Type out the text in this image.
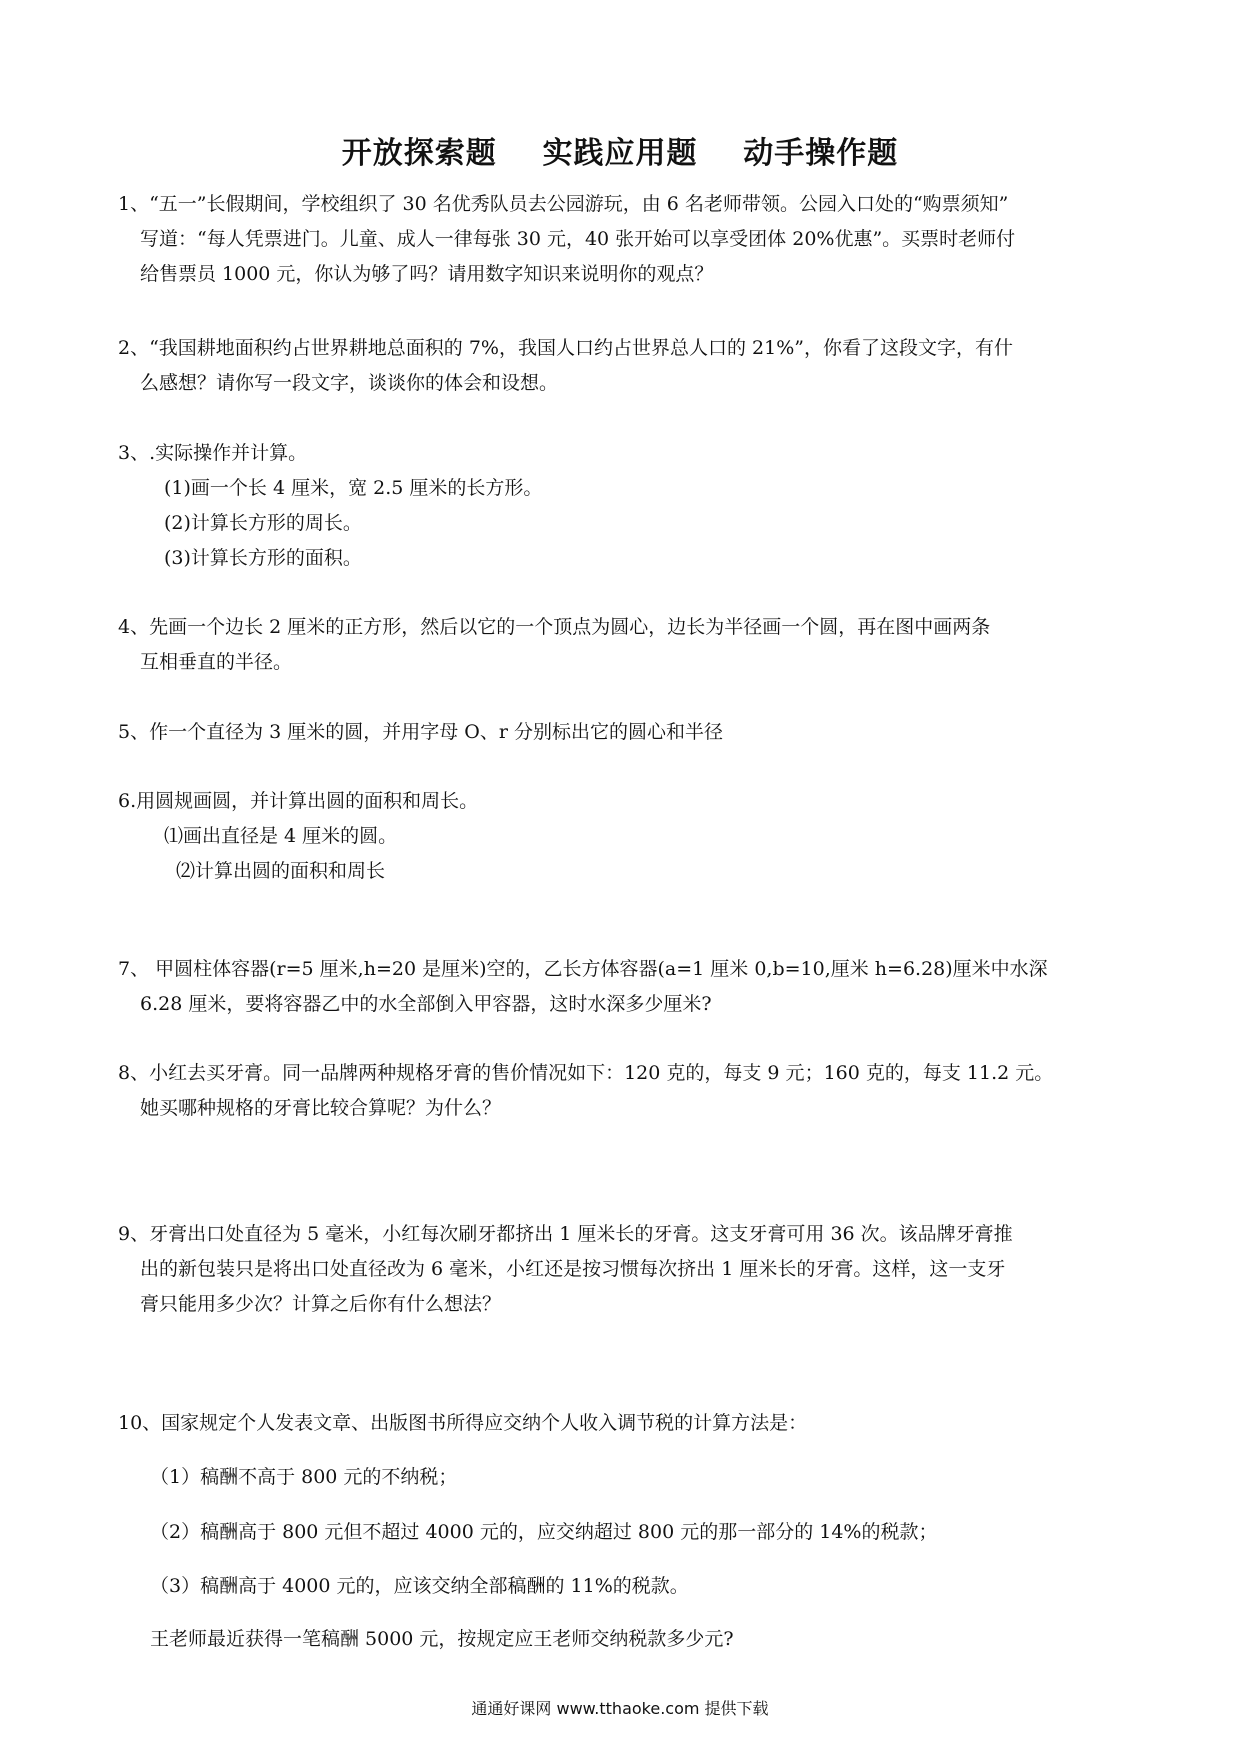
开放探索题    实践应用题    动手操作题
1、“五一”长假期间，学校组织了 30 名优秀队员去公园游玩，由 6 名老师带领。公园入口处的“购票须知”
写道：“每人凭票进门。儿童、成人一律每张 30 元，40 张开始可以享受团体 20%优惠”。买票时老师付
给售票员 1000 元，你认为够了吗？请用数字知识来说明你的观点？
2、“我国耕地面积约占世界耕地总面积的 7%，我国人口约占世界总人口的 21%”，你看了这段文字，有什
么感想？请你写一段文字，谈谈你的体会和设想。
3、.实际操作并计算。
(1)画一个长 4 厘米，宽 2.5 厘米的长方形。
(2)计算长方形的周长。
(3)计算长方形的面积。
4、先画一个边长 2 厘米的正方形，然后以它的一个顶点为圆心，边长为半径画一个圆，再在图中画两条
互相垂直的半径。
5、作一个直径为 3 厘米的圆，并用字母 O、r 分别标出它的圆心和半径
6.用圆规画圆，并计算出圆的面积和周长。
⑴画出直径是 4 厘米的圆。
⑵计算出圆的面积和周长
7、 甲圆柱体容器(r=5 厘米,h=20 是厘米)空的，乙长方体容器(a=1 厘米 0,b=10,厘米 h=6.28)厘米中水深
6.28 厘米，要将容器乙中的水全部倒入甲容器，这时水深多少厘米?
8、小红去买牙膏。同一品牌两种规格牙膏的售价情况如下：120 克的，每支 9 元；160 克的，每支 11.2 元。
她买哪种规格的牙膏比较合算呢？为什么？
9、牙膏出口处直径为 5 毫米，小红每次刷牙都挤出 1 厘米长的牙膏。这支牙膏可用 36 次。该品牌牙膏推
出的新包装只是将出口处直径改为 6 毫米，小红还是按习惯每次挤出 1 厘米长的牙膏。这样，这一支牙
膏只能用多少次？计算之后你有什么想法？
10、国家规定个人发表文章、出版图书所得应交纳个人收入调节税的计算方法是：
（1）稿酬不高于 800 元的不纳税；
（2）稿酬高于 800 元但不超过 4000 元的，应交纳超过 800 元的那一部分的 14%的税款；
（3）稿酬高于 4000 元的，应该交纳全部稿酬的 11%的税款。
王老师最近获得一笔稿酬 5000 元，按规定应王老师交纳税款多少元?
通通好课网 www.tthaoke.com 提供下载
